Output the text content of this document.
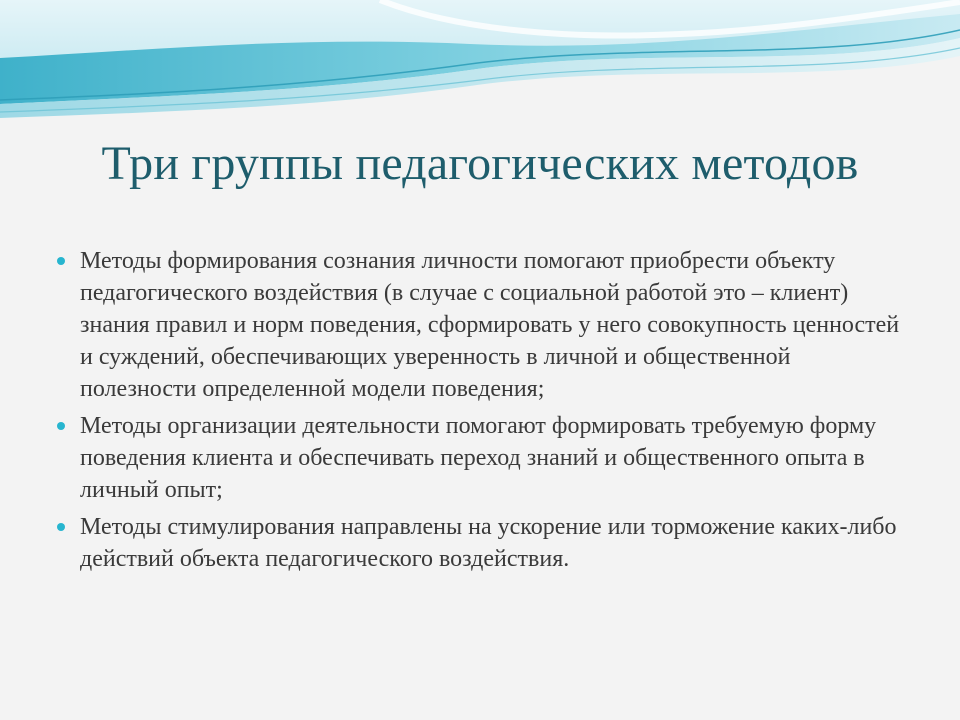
Три группы педагогических методов
Методы формирования сознания личности помогают приобрести объекту педагогического воздействия (в случае с социальной работой это – клиент) знания правил и норм поведения, сформировать у него совокупность ценностей и суждений, обеспечивающих уверенность в личной и общественной полезности определенной модели поведения;
Методы организации деятельности помогают формировать требуемую форму поведения клиента и обеспечивать переход знаний и общественного опыта в личный опыт;
Методы стимулирования направлены на ускорение или торможение каких-либо действий объекта педагогического воздействия.
